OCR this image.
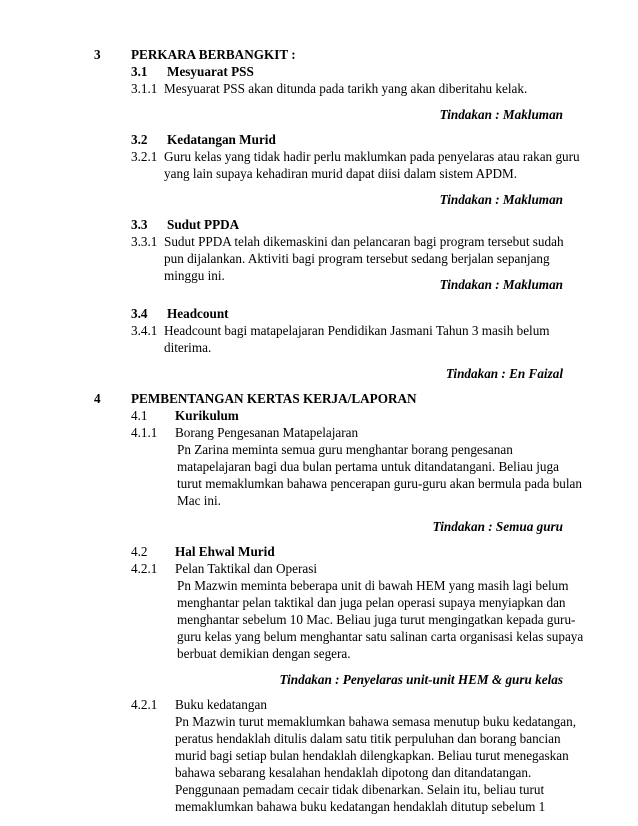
3 PERKARA BERBANGKIT :
3.1 Mesyuarat PSS
3.1.1 Mesyuarat PSS akan ditunda pada tarikh yang akan diberitahu kelak.
Tindakan : Makluman
3.2 Kedatangan Murid
3.2.1 Guru kelas yang tidak hadir perlu maklumkan pada penyelaras atau rakan guru
yang lain supaya kehadiran murid dapat diisi dalam sistem APDM.
Tindakan : Makluman
3.3 Sudut PPDA
3.3.1 Sudut PPDA telah dikemaskini dan pelancaran bagi program tersebut sudah
pun dijalankan. Aktiviti bagi program tersebut sedang berjalan sepanjang
minggu ini.
Tindakan : Makluman
3.4 Headcount
3.4.1 Headcount bagi matapelajaran Pendidikan Jasmani Tahun 3 masih belum
diterima.
Tindakan : En Faizal
4 PEMBENTANGAN KERTAS KERJA/LAPORAN
4.1 Kurikulum
4.1.1 Borang Pengesanan Matapelajaran
Pn Zarina meminta semua guru menghantar borang pengesanan
matapelajaran bagi dua bulan pertama untuk ditandatangani. Beliau juga
turut memaklumkan bahawa pencerapan guru-guru akan bermula pada bulan
Mac ini.
Tindakan : Semua guru
4.2 Hal Ehwal Murid
4.2.1 Pelan Taktikal dan Operasi
Pn Mazwin meminta beberapa unit di bawah HEM yang masih lagi belum
menghantar pelan taktikal dan juga pelan operasi supaya menyiapkan dan
menghantar sebelum 10 Mac. Beliau juga turut mengingatkan kepada guru-
guru kelas yang belum menghantar satu salinan carta organisasi kelas supaya
berbuat demikian dengan segera.
Tindakan : Penyelaras unit-unit HEM & guru kelas
4.2.1 Buku kedatangan
Pn Mazwin turut memaklumkan bahawa semasa menutup buku kedatangan,
peratus hendaklah ditulis dalam satu titik perpuluhan dan borang bancian
murid bagi setiap bulan hendaklah dilengkapkan. Beliau turut menegaskan
bahawa sebarang kesalahan hendaklah dipotong dan ditandatangan.
Penggunaan pemadam cecair tidak dibenarkan. Selain itu, beliau turut
memaklumkan bahawa buku kedatangan hendaklah ditutup sebelum 1
